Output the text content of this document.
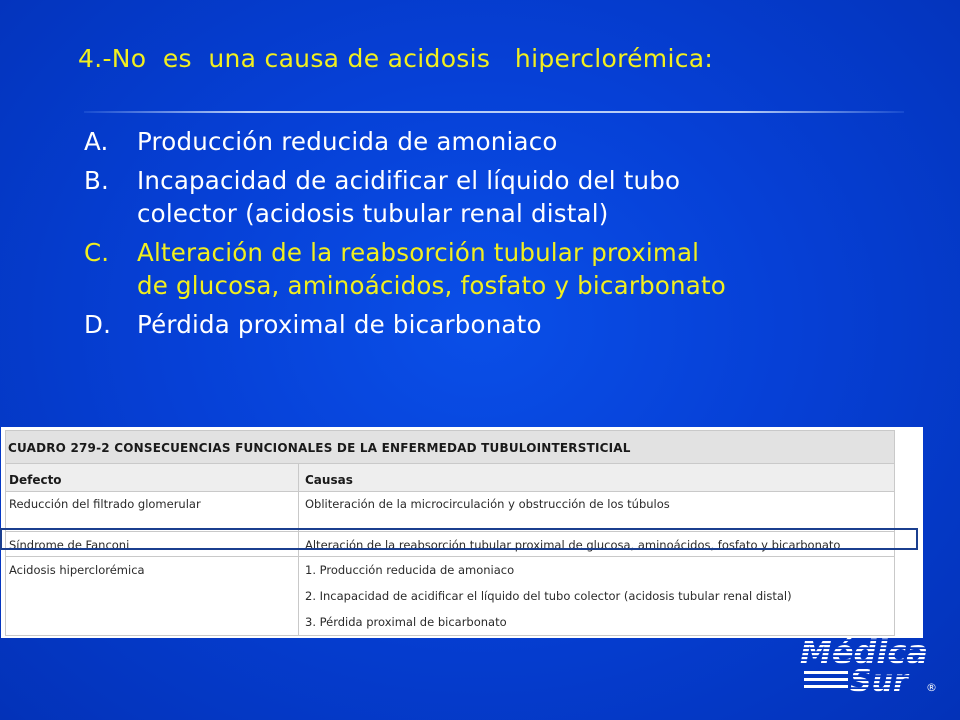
4.-No  es  una causa de acidosis   hiperclorémica:
A. Producción reducida de amoniaco
B. Incapacidad de acidificar el líquido del tubo
colector (acidosis tubular renal distal)
C. Alteración de la reabsorción tubular proximal
de glucosa, aminoácidos, fosfato y bicarbonato
D. Pérdida proximal de bicarbonato
CUADRO 279-2 CONSECUENCIAS FUNCIONALES DE LA ENFERMEDAD TUBULOINTERSTICIAL
Defecto	Causas
Reducción del filtrado glomerular	Obliteración de la microcirculación y obstrucción de los túbulos
Síndrome de Fanconi	Alteración de la reabsorción tubular proximal de glucosa, aminoácidos, fosfato y bicarbonato
Acidosis hiperclorémica	1. Producción reducida de amoniaco
2. Incapacidad de acidificar el líquido del tubo colector (acidosis tubular renal distal)
3. Pérdida proximal de bicarbonato
Médica
Sur ®
